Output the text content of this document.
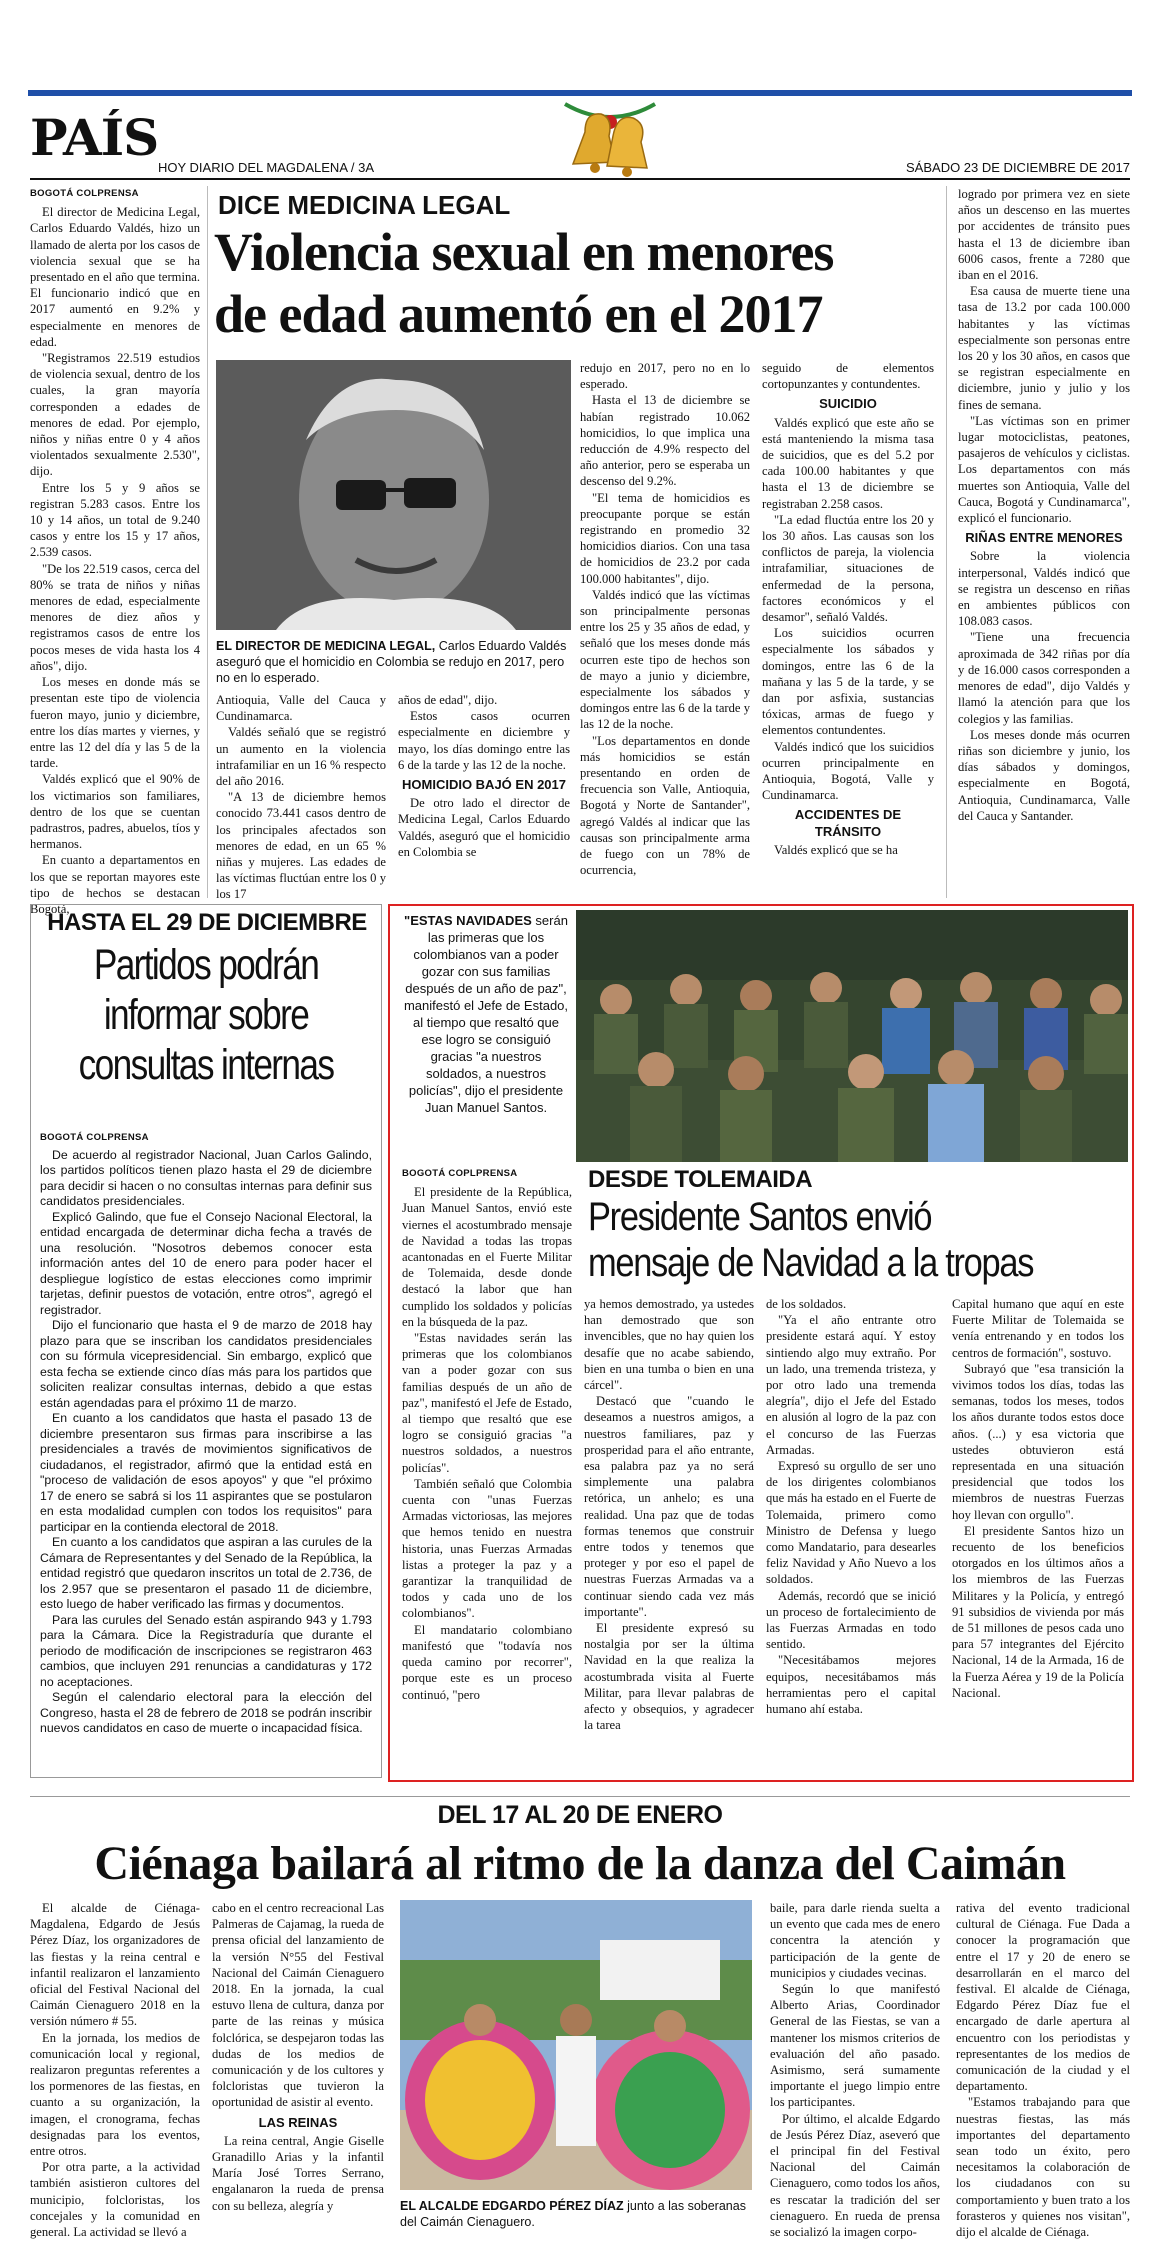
PAÍS
HOY DIARIO DEL MAGDALENA / 3A	SÁBADO 23 DE DICIEMBRE DE 2017

BOGOTÁ COLPRENSA

El director de Medicina Legal, Carlos Eduardo Valdés, hizo un llamado de alerta por los casos de violencia sexual que se ha presentado en el año que termina. El funcionario indicó que en 2017 aumentó en 9.2% y especialmente en menores de edad.

"Registramos 22.519 estudios de violencia sexual, dentro de los cuales, la gran mayoría corresponden a edades de menores de edad. Por ejemplo, niños y niñas entre 0 y 4 años violentados sexualmente 2.530", dijo.

Entre los 5 y 9 años se registran 5.283 casos. Entre los 10 y 14 años, un total de 9.240 casos y entre los 15 y 17 años, 2.539 casos.

"De los 22.519 casos, cerca del 80% se trata de niños y niñas menores de edad, especialmente menores de diez años y registramos casos de entre los pocos meses de vida hasta los 4 años", dijo.

Los meses en donde más se presentan este tipo de violencia fueron mayo, junio y diciembre, entre los días martes y viernes, y entre las 12 del día y las 5 de la tarde.

Valdés explicó que el 90% de los victimarios son familiares, dentro de los que se cuentan padrastros, padres, abuelos, tíos y hermanos.

En cuanto a departamentos en los que se reportan mayores este tipo de hechos se destacan Bogotá,

DICE MEDICINA LEGAL
Violencia sexual en menores
de edad aumentó en el 2017
EL DIRECTOR DE MEDICINA LEGAL, Carlos Eduardo Valdés aseguró que el homicidio en Colombia se redujo en 2017, pero no en lo esperado.

Antioquia, Valle del Cauca y Cundinamarca.

Valdés señaló que se registró un aumento en la violencia intrafamiliar en un 16 % respecto del año 2016.

"A 13 de diciembre hemos conocido 73.441 casos dentro de los principales afectados son menores de edad, en un 65 % niñas y mujeres. Las edades de las víctimas fluctúan entre los 0 y los 17

años de edad", dijo.

Estos casos ocurren especialmente en diciembre y mayo, los días domingo entre las 6 de la tarde y las 12 de la noche.

HOMICIDIO BAJÓ EN 2017

De otro lado el director de Medicina Legal, Carlos Eduardo Valdés, aseguró que el homicidio en Colombia se

redujo en 2017, pero no en lo esperado.

Hasta el 13 de diciembre se habían registrado 10.062 homicidios, lo que implica una reducción de 4.9% respecto del año anterior, pero se esperaba un descenso del 9.2%.

"El tema de homicidios es preocupante porque se están registrando en promedio 32 homicidios diarios. Con una tasa de homicidios de 23.2 por cada 100.000 habitantes", dijo.

Valdés indicó que las víctimas son principalmente personas entre los 25 y 35 años de edad, y señaló que los meses donde más ocurren este tipo de hechos son de mayo a junio y diciembre, especialmente los sábados y domingos entre las 6 de la tarde y las 12 de la noche.

"Los departamentos en donde más homicidios se están presentando en orden de frecuencia son Valle, Antioquia, Bogotá y Norte de Santander", agregó Valdés al indicar que las causas son principalmente arma de fuego con un 78% de ocurrencia,

seguido de elementos cortopunzantes y contundentes.

SUICIDIO

Valdés explicó que este año se está manteniendo la misma tasa de suicidios, que es del 5.2 por cada 100.00 habitantes y que hasta el 13 de diciembre se registraban 2.258 casos.

"La edad fluctúa entre los 20 y los 30 años. Las causas son los conflictos de pareja, la violencia intrafamiliar, situaciones de enfermedad de la persona, factores económicos y el desamor", señaló Valdés.

Los suicidios ocurren especialmente los sábados y domingos, entre las 6 de la mañana y las 5 de la tarde, y se dan por asfixia, sustancias tóxicas, armas de fuego y elementos contundentes.

Valdés indicó que los suicidios ocurren principalmente en Antioquia, Bogotá, Valle y Cundinamarca.

ACCIDENTES DE TRÁNSITO

Valdés explicó que se ha

logrado por primera vez en siete años un descenso en las muertes por accidentes de tránsito pues hasta el 13 de diciembre iban 6006 casos, frente a 7280 que iban en el 2016.

Esa causa de muerte tiene una tasa de 13.2 por cada 100.000 habitantes y las víctimas especialmente son personas entre los 20 y los 30 años, en casos que se registran especialmente en diciembre, junio y julio y los fines de semana.

"Las víctimas son en primer lugar motociclistas, peatones, pasajeros de vehículos y ciclistas. Los departamentos con más muertes son Antioquia, Valle del Cauca, Bogotá y Cundinamarca", explicó el funcionario.

RIÑAS ENTRE MENORES

Sobre la violencia interpersonal, Valdés indicó que se registra un descenso en riñas en ambientes públicos con 108.083 casos.

"Tiene una frecuencia aproximada de 342 riñas por día y de 16.000 casos corresponden a menores de edad", dijo Valdés y llamó la atención para que los colegios y las familias.

Los meses donde más ocurren riñas son diciembre y junio, los días sábados y domingos, especialmente en Bogotá, Antioquia, Cundinamarca, Valle del Cauca y Santander.

HASTA EL 29 DE DICIEMBRE
Partidos podrán
informar sobre
consultas internas

BOGOTÁ COLPRENSA

De acuerdo al registrador Nacional, Juan Carlos Galindo, los partidos políticos tienen plazo hasta el 29 de diciembre para decidir si hacen o no consultas internas para definir sus candidatos presidenciales.

Explicó Galindo, que fue el Consejo Nacional Electoral, la entidad encargada de determinar dicha fecha a través de una resolución. "Nosotros debemos conocer esta información antes del 10 de enero para poder hacer el despliegue logístico de estas elecciones como imprimir tarjetas, definir puestos de votación, entre otros", agregó el registrador.

Dijo el funcionario que hasta el 9 de marzo de 2018 hay plazo para que se inscriban los candidatos presidenciales con su fórmula vicepresidencial. Sin embargo, explicó que esta fecha se extiende cinco días más para los partidos que soliciten realizar consultas internas, debido a que estas están agendadas para el próximo 11 de marzo.

En cuanto a los candidatos que hasta el pasado 13 de diciembre presentaron sus firmas para inscribirse a las presidenciales a través de movimientos significativos de ciudadanos, el registrador, afirmó que la entidad está en "proceso de validación de esos apoyos" y que "el próximo 17 de enero se sabrá si los 11 aspirantes que se postularon en esta modalidad cumplen con todos los requisitos" para participar en la contienda electoral de 2018.

En cuanto a los candidatos que aspiran a las curules de la Cámara de Representantes y del Senado de la República, la entidad registró que quedaron inscritos un total de 2.736, de los 2.957 que se presentaron el pasado 11 de diciembre, esto luego de haber verificado las firmas y documentos.

Para las curules del Senado están aspirando 943 y 1.793 para la Cámara. Dice la Registraduría que durante el periodo de modificación de inscripciones se registraron 463 cambios, que incluyen 291 renuncias a candidaturas y 172 no aceptaciones.

Según el calendario electoral para la elección del Congreso, hasta el 28 de febrero de 2018 se podrán inscribir nuevos candidatos en caso de muerte o incapacidad física.

"ESTAS NAVIDADES serán las primeras que los colombianos van a poder gozar con sus familias después de un año de paz", manifestó el Jefe de Estado, al tiempo que resaltó que ese logro se consiguió gracias "a nuestros soldados, a nuestros policías", dijo el presidente Juan Manuel Santos.
DESDE TOLEMAIDA
Presidente Santos envió
mensaje de Navidad a la tropas

BOGOTÁ COPLPRENSA

El presidente de la República, Juan Manuel Santos, envió este viernes el acostumbrado mensaje de Navidad a todas las tropas acantonadas en el Fuerte Militar de Tolemaida, desde donde destacó la labor que han cumplido los soldados y policías en la búsqueda de la paz.

"Estas navidades serán las primeras que los colombianos van a poder gozar con sus familias después de un año de paz", manifestó el Jefe de Estado, al tiempo que resaltó que ese logro se consiguió gracias "a nuestros soldados, a nuestros policías".

También señaló que Colombia cuenta con "unas Fuerzas Armadas victoriosas, las mejores que hemos tenido en nuestra historia, unas Fuerzas Armadas listas a proteger la paz y a garantizar la tranquilidad de todos y cada uno de los colombianos".

El mandatario colombiano manifestó que "todavía nos queda camino por recorrer", porque este es un proceso continuó, "pero

ya hemos demostrado, ya ustedes han demostrado que son invencibles, que no hay quien los desafíe que no acabe sabiendo, bien en una tumba o bien en una cárcel".

Destacó que "cuando le deseamos a nuestros amigos, a nuestros familiares, paz y prosperidad para el año entrante, esa palabra paz ya no será simplemente una palabra retórica, un anhelo; es una realidad. Una paz que de todas formas tenemos que construir entre todos y tenemos que proteger y por eso el papel de nuestras Fuerzas Armadas va a continuar siendo cada vez más importante".

El presidente expresó su nostalgia por ser la última Navidad en la que realiza la acostumbrada visita al Fuerte Militar, para llevar palabras de afecto y obsequios, y agradecer la tarea

de los soldados.

"Ya el año entrante otro presidente estará aquí. Y estoy sintiendo algo muy extraño. Por un lado, una tremenda tristeza, y por otro lado una tremenda alegría", dijo el Jefe del Estado en alusión al logro de la paz con el concurso de las Fuerzas Armadas.

Expresó su orgullo de ser uno de los dirigentes colombianos que más ha estado en el Fuerte de Tolemaida, primero como Ministro de Defensa y luego como Mandatario, para desearles feliz Navidad y Año Nuevo a los soldados.

Además, recordó que se inició un proceso de fortalecimiento de las Fuerzas Armadas en todo sentido.

"Necesitábamos mejores equipos, necesitábamos más herramientas pero el capital humano ahí estaba.

Capital humano que aquí en este Fuerte Militar de Tolemaida se venía entrenando y en todos los centros de formación", sostuvo.

Subrayó que "esa transición la vivimos todos los días, todas las semanas, todos los meses, todos los años durante todos estos doce años. (...) y esa victoria que ustedes obtuvieron está representada en una situación presidencial que todos los miembros de nuestras Fuerzas hoy llevan con orgullo".

El presidente Santos hizo un recuento de los beneficios otorgados en los últimos años a los miembros de las Fuerzas Militares y la Policía, y entregó 91 subsidios de vivienda por más de 51 millones de pesos cada uno para 57 integrantes del Ejército Nacional, 14 de la Armada, 16 de la Fuerza Aérea y 19 de la Policía Nacional.

DEL 17 AL 20 DE ENERO
Ciénaga bailará al ritmo de la danza del Caimán

El alcalde de Ciénaga-Magdalena, Edgardo de Jesús Pérez Díaz, los organizadores de las fiestas y la reina central e infantil realizaron el lanzamiento oficial del Festival Nacional del Caimán Cienaguero 2018 en la versión número # 55.

En la jornada, los medios de comunicación local y regional, realizaron preguntas referentes a los pormenores de las fiestas, en cuanto a su organización, la imagen, el cronograma, fechas designadas para los eventos, entre otros.

Por otra parte, a la actividad también asistieron cultores del municipio, folcloristas, los concejales y la comunidad en general. La actividad se llevó a

cabo en el centro recreacional Las Palmeras de Cajamag, la rueda de prensa oficial del lanzamiento de la versión N°55 del Festival Nacional del Caimán Cienaguero 2018. En la jornada, la cual estuvo llena de cultura, danza por parte de las reinas y música folclórica, se despejaron todas las dudas de los medios de comunicación y de los cultores y folcloristas que tuvieron la oportunidad de asistir al evento.

LAS REINAS

La reina central, Angie Giselle Granadillo Arias y la infantil María José Torres Serrano, engalanaron la rueda de prensa con su belleza, alegría y	EL ALCALDE EDGARDO PÉREZ DÍAZ junto a las soberanas del Caimán Cienaguero.

baile, para darle rienda suelta a un evento que cada mes de enero concentra la atención y participación de la gente de municipios y ciudades vecinas.

Según lo que manifestó Alberto Arias, Coordinador General de las Fiestas, se van a mantener los mismos criterios de evaluación del año pasado. Asimismo, será sumamente importante el juego limpio entre los participantes.

Por último, el alcalde Edgardo de Jesús Pérez Díaz, aseveró que el principal fin del Festival Nacional del Caimán Cienaguero, como todos los años, es rescatar la tradición del ser cienaguero. En rueda de prensa se socializó la imagen corpo-

rativa del evento tradicional cultural de Ciénaga. Fue Dada a conocer la programación que entre el 17 y 20 de enero se desarrollarán en el marco del festival. El alcalde de Ciénaga, Edgardo Pérez Díaz fue el encargado de darle apertura al encuentro con los periodistas y representantes de los medios de comunicación de la ciudad y el departamento.

"Estamos trabajando para que nuestras fiestas, las más importantes del departamento sean todo un éxito, pero necesitamos la colaboración de los ciudadanos con su comportamiento y buen trato a los forasteros y quienes nos visitan", dijo el alcalde de Ciénaga.
